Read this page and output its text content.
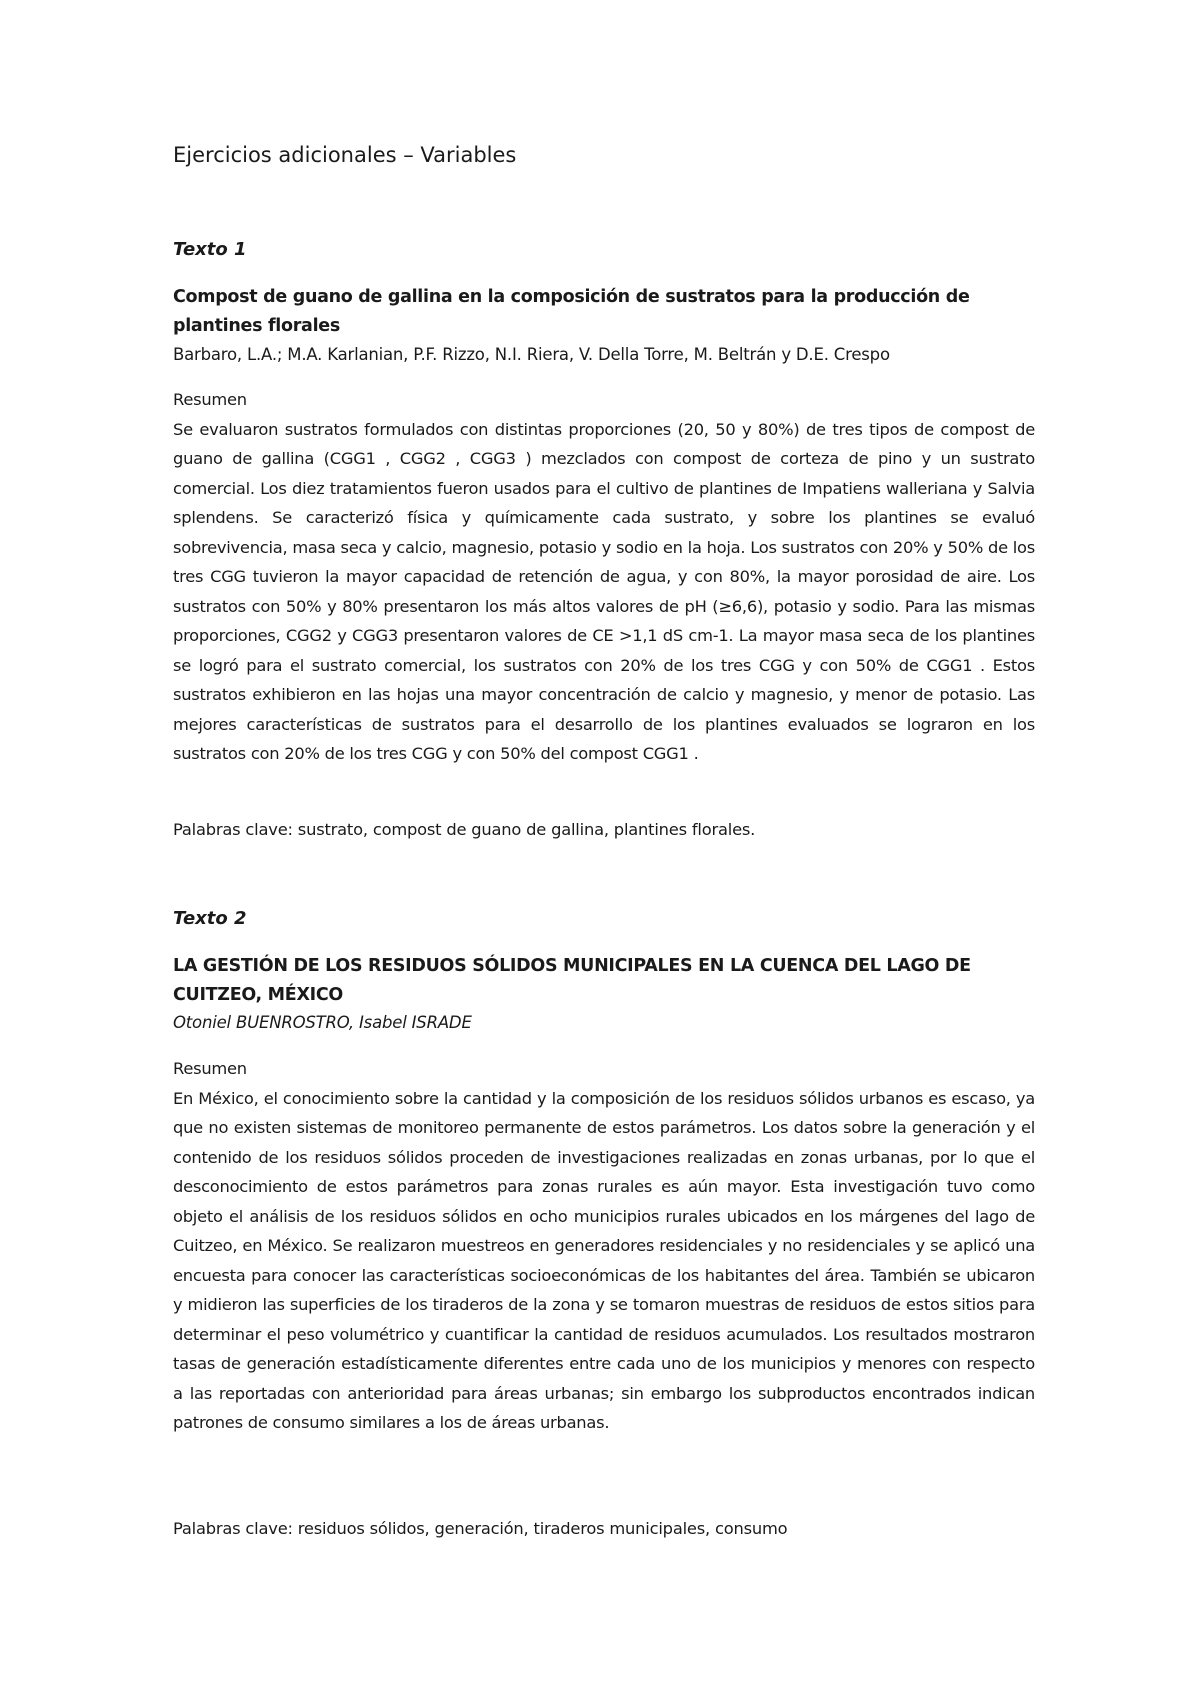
Ejercicios adicionales – Variables
Texto 1
Compost de guano de gallina en la composición de sustratos para la producción de plantines florales

Barbaro, L.A.; M.A. Karlanian, P.F. Rizzo, N.I. Riera, V. Della Torre, M. Beltrán y D.E. Crespo

Resumen

Se evaluaron sustratos formulados con distintas proporciones (20, 50 y 80%) de tres tipos de compost de guano de gallina (CGG1 , CGG2 , CGG3 ) mezclados con compost de corteza de pino y un sustrato comercial. Los diez tratamientos fueron usados para el cultivo de plantines de Impatiens walleriana y Salvia splendens. Se caracterizó física y químicamente cada sustrato, y sobre los plantines se evaluó sobrevivencia, masa seca y calcio, magnesio, potasio y sodio en la hoja. Los sustratos con 20% y 50% de los tres CGG tuvieron la mayor capacidad de retención de agua, y con 80%, la mayor porosidad de aire. Los sustratos con 50% y 80% presentaron los más altos valores de pH (≥6,6), potasio y sodio. Para las mismas proporciones, CGG2 y CGG3 presentaron valores de CE >1,1 dS cm-1. La mayor masa seca de los plantines se logró para el sustrato comercial, los sustratos con 20% de los tres CGG y con 50% de CGG1 . Estos sustratos exhibieron en las hojas una mayor concentración de calcio y magnesio, y menor de potasio. Las mejores características de sustratos para el desarrollo de los plantines evaluados se lograron en los sustratos con 20% de los tres CGG y con 50% del compost CGG1 .

Palabras clave: sustrato, compost de guano de gallina, plantines florales.

Texto 2
LA GESTIÓN DE LOS RESIDUOS SÓLIDOS MUNICIPALES EN LA CUENCA DEL LAGO DE CUITZEO, MÉXICO

Otoniel BUENROSTRO, Isabel ISRADE

Resumen

En México, el conocimiento sobre la cantidad y la composición de los residuos sólidos urbanos es escaso, ya que no existen sistemas de monitoreo permanente de estos parámetros. Los datos sobre la generación y el contenido de los residuos sólidos proceden de investigaciones realizadas en zonas urbanas, por lo que el desconocimiento de estos parámetros para zonas rurales es aún mayor. Esta investigación tuvo como objeto el análisis de los residuos sólidos en ocho municipios rurales ubicados en los márgenes del lago de Cuitzeo, en México. Se realizaron muestreos en generadores residenciales y no residenciales y se aplicó una encuesta para conocer las características socioeconómicas de los habitantes del área. También se ubicaron y midieron las superficies de los tiraderos de la zona y se tomaron muestras de residuos de estos sitios para determinar el peso volumétrico y cuantificar la cantidad de residuos acumulados. Los resultados mostraron tasas de generación estadísticamente diferentes entre cada uno de los municipios y menores con respecto a las reportadas con anterioridad para áreas urbanas; sin embargo los subproductos encontrados indican patrones de consumo similares a los de áreas urbanas.

Palabras clave: residuos sólidos, generación, tiraderos municipales, consumo
